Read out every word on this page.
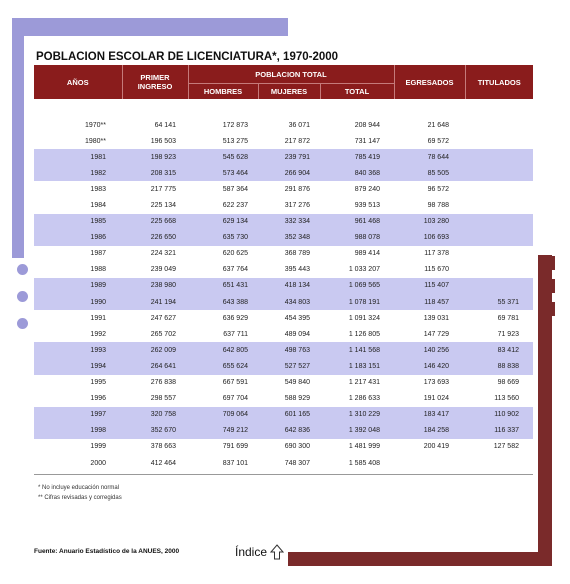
POBLACION ESCOLAR DE LICENCIATURA*, 1970-2000
AÑOS	PRIMER INGRESO	POBLACION TOTAL			EGRESADOS	TITULADOS
		HOMBRES	MUJERES	TOTAL		

1970**	64 141	172 873	36 071	208 944	21 648	
1980**	196 503	513 275	217 872	731 147	69 572	
1981	198 923	545 628	239 791	785 419	78 644	
1982	208 315	573 464	266 904	840 368	85 505	
1983	217 775	587 364	291 876	879 240	96 572	
1984	225 134	622 237	317 276	939 513	98 788	
1985	225 668	629 134	332 334	961 468	103 280	
1986	226 650	635 730	352 348	988 078	106 693	
1987	224 321	620 625	368 789	989 414	117 378	
1988	239 049	637 764	395 443	1 033 207	115 670	
1989	238 980	651 431	418 134	1 069 565	115 407	
1990	241 194	643 388	434 803	1 078 191	118 457	55 371
1991	247 627	636 929	454 395	1 091 324	139 031	69 781
1992	265 702	637 711	489 094	1 126 805	147 729	71 923
1993	262 009	642 805	498 763	1 141 568	140 256	83 412
1994	264 641	655 624	527 527	1 183 151	146 420	88 838
1995	276 838	667 591	549 840	1 217 431	173 693	98 669
1996	298 557	697 704	588 929	1 286 633	191 024	113 560
1997	320 758	709 064	601 165	1 310 229	183 417	110 902
1998	352 670	749 212	642 836	1 392 048	184 258	116 337
1999	378 663	791 699	690 300	1 481 999	200 419	127 582
2000	412 464	837 101	748 307	1 585 408		
* No incluye educación normal
** Cifras revisadas y corregidas
Fuente: Anuario Estadístico de la ANUES, 2000	Índice
